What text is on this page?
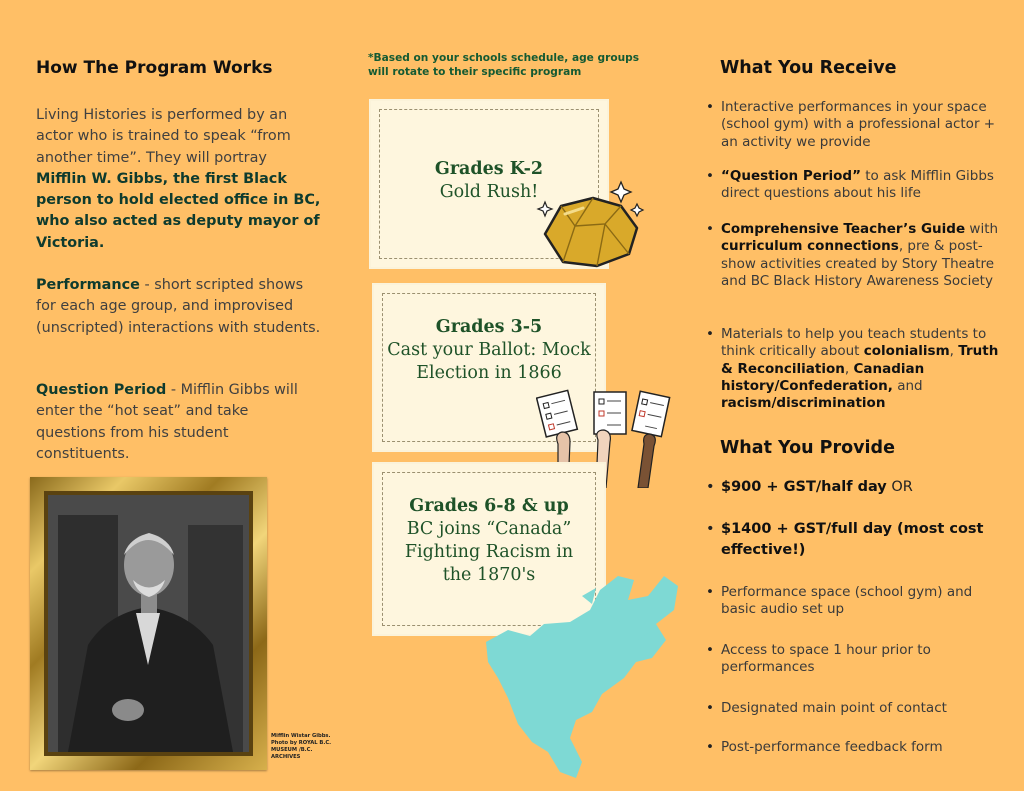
How The Program Works

Living Histories is performed by an actor who is trained to speak “from another time”. They will portray Mifflin W. Gibbs, the first Black person to hold elected office in BC, who also acted as deputy mayor of Victoria.

Performance - short scripted shows for each age group, and improvised (unscripted) interactions with students.

Question Period - Mifflin Gibbs will enter the “hot seat” and take questions from his student constituents.

Mifflin Wistar Gibbs. Photo by ROYAL B.C. MUSEUM /B.C. ARCHIVES
*Based on your schools schedule, age groups will rotate to their specific program
Grades K-2
Gold Rush!
Grades 3-5
Cast your Ballot: Mock
Election in 1866
Grades 6-8 & up
BC joins “Canada”
Fighting Racism in
the 1870's
What You Receive
• Interactive performances in your space (school gym) with a professional actor + an activity we provide
• “Question Period” to ask Mifflin Gibbs direct questions about his life
• Comprehensive Teacher’s Guide with curriculum connections, pre & post-show activities created by Story Theatre and BC Black History Awareness Society
• Materials to help you teach students to think critically about colonialism, Truth & Reconciliation, Canadian history/Confederation, and racism/discrimination
What You Provide
• $900 + GST/half day OR
• $1400 + GST/full day (most cost effective!)
• Performance space (school gym) and basic audio set up
• Access to space 1 hour prior to performances
• Designated main point of contact
• Post-performance feedback form
